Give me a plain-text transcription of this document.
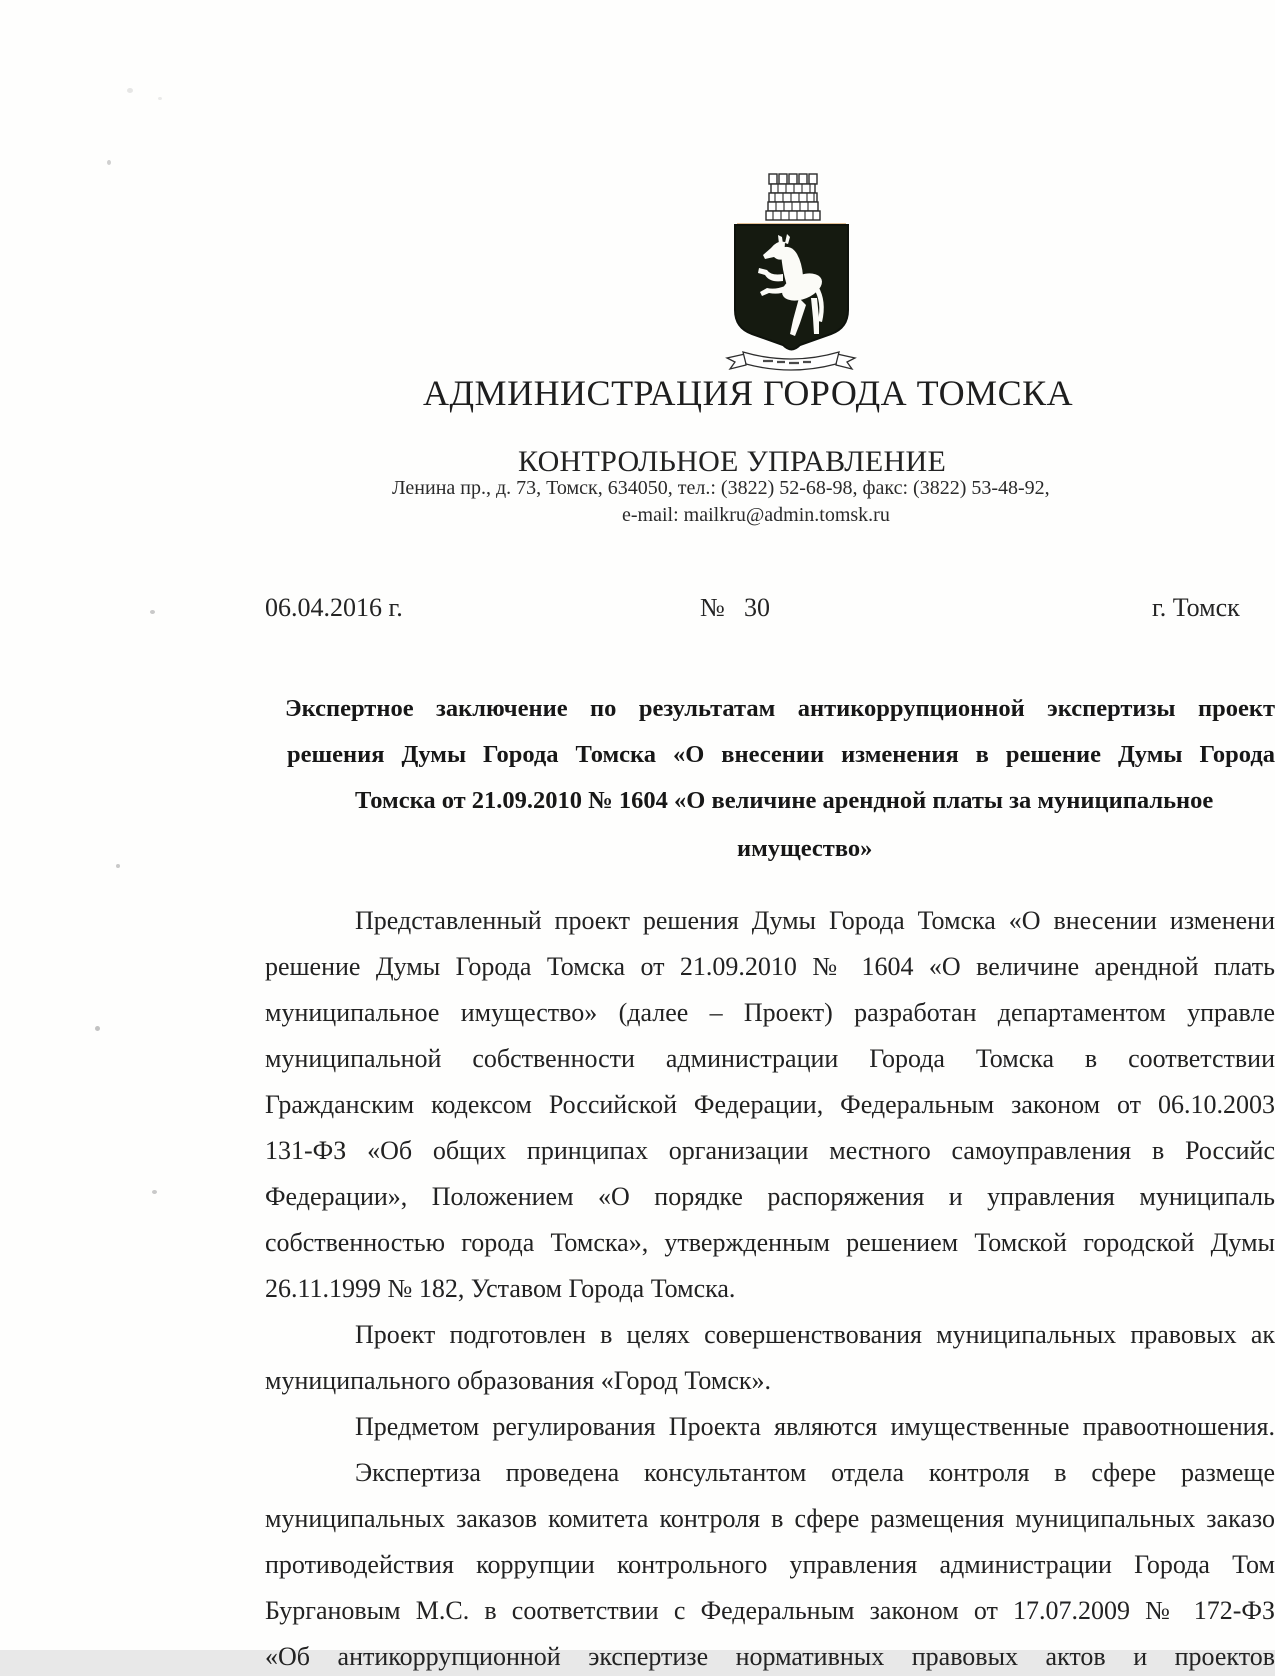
АДМИНИСТРАЦИЯ ГОРОДА ТОМСКА
КОНТРОЛЬНОЕ УПРАВЛЕНИЕ
Ленина пр., д. 73, Томск, 634050, тел.: (3822) 52-68-98, факс: (3822) 53-48-92,
e-mail: mailkru@admin.tomsk.ru
06.04.2016 г.	№ 30	г. Томск
Экспертное заключение по результатам антикоррупционной экспертизы проект
решения Думы Города Томска «О внесении изменения в решение Думы Города
Томска от 21.09.2010 № 1604 «О величине арендной платы за муниципальное
имущество»
Представленный проект решения Думы Города Томска «О внесении изменени
решение Думы Города Томска от 21.09.2010 № 1604 «О величине арендной плать
муниципальное имущество» (далее – Проект) разработан департаментом управле
муниципальной собственности администрации Города Томска в соответствии
Гражданским кодексом Российской Федерации, Федеральным законом от 06.10.2003
131-ФЗ «Об общих принципах организации местного самоуправления в Российс
Федерации», Положением «О порядке распоряжения и управления муниципаль
собственностью города Томска», утвержденным решением Томской городской Думы
26.11.1999 № 182, Уставом Города Томска.
Проект подготовлен в целях совершенствования муниципальных правовых ак
муниципального образования «Город Томск».
Предметом регулирования Проекта являются имущественные правоотношения.
Экспертиза проведена консультантом отдела контроля в сфере размеще
муниципальных заказов комитета контроля в сфере размещения муниципальных заказо
противодействия коррупции контрольного управления администрации Города Том
Бургановым М.С. в соответствии с Федеральным законом от 17.07.2009 № 172-ФЗ
«Об антикоррупционной экспертизе нормативных правовых актов и проектов
